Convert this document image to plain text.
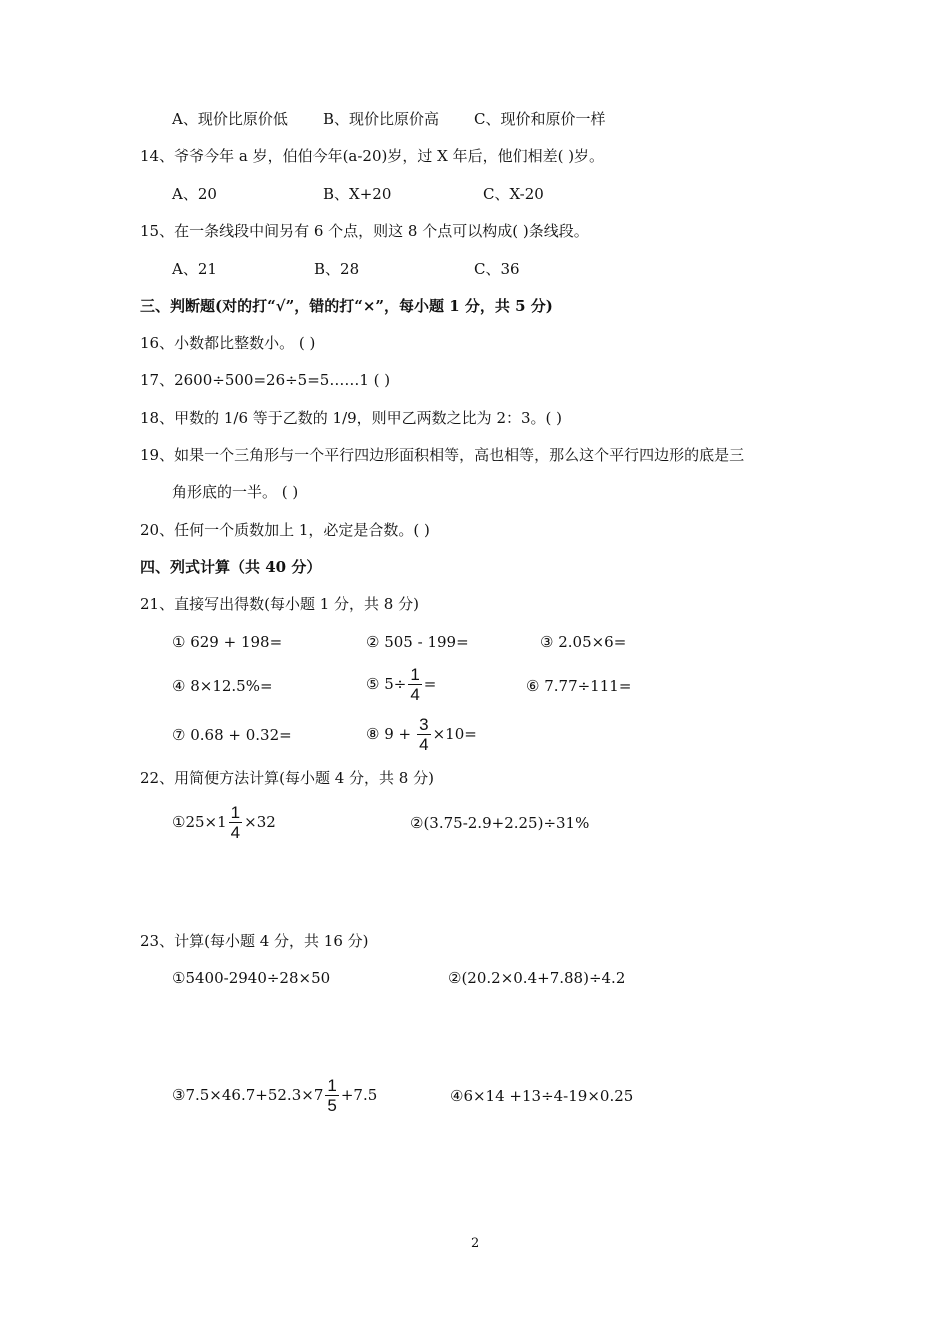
A、现价比原价低 B、现价比原价高 C、现价和原价一样
14、爷爷今年 a 岁，伯伯今年(a-20)岁，过 X 年后，他们相差( )岁。
A、20	B、X+20	C、X-20
15、在一条线段中间另有 6 个点，则这 8 个点可以构成( )条线段。
A、21	B、28	C、36
三、判断题(对的打“√”，错的打“×”，每小题 1 分，共 5 分)
16、小数都比整数小。 ( )
17、2600÷500=26÷5=5……1 ( )
18、甲数的 1/6 等于乙数的 1/9，则甲乙两数之比为 2：3。( )
19、如果一个三角形与一个平行四边形面积相等，高也相等，那么这个平行四边形的底是三
角形底的一半。 ( )
20、任何一个质数加上 1，必定是合数。( )
四、列式计算（共 40 分）
21、直接写出得数(每小题 1 分，共 8 分)
① 629 + 198=	② 505 - 199=	③ 2.05×6=
④ 8×12.5%=	⑤ $5\div \frac{1}{4}$ =	⑥ 7.77÷111=
⑦ 0.68 + 0.32=	⑧ $9 + \frac{3}{4} \times 10=$
22、用简便方法计算(每小题 4 分，共 8 分)
①25× $1 \frac{1}{4} \times 32$	②(3.75-2.9+2.25)÷31%
23、计算(每小题 4 分，共 16 分)
①5400-2940÷28×50	②(20.2×0.4+7.88)÷4.2
③7.5×46.7+52.3× $7 \frac{1}{5} +7.5$	④6×14 +13÷4-19×0.25
2
